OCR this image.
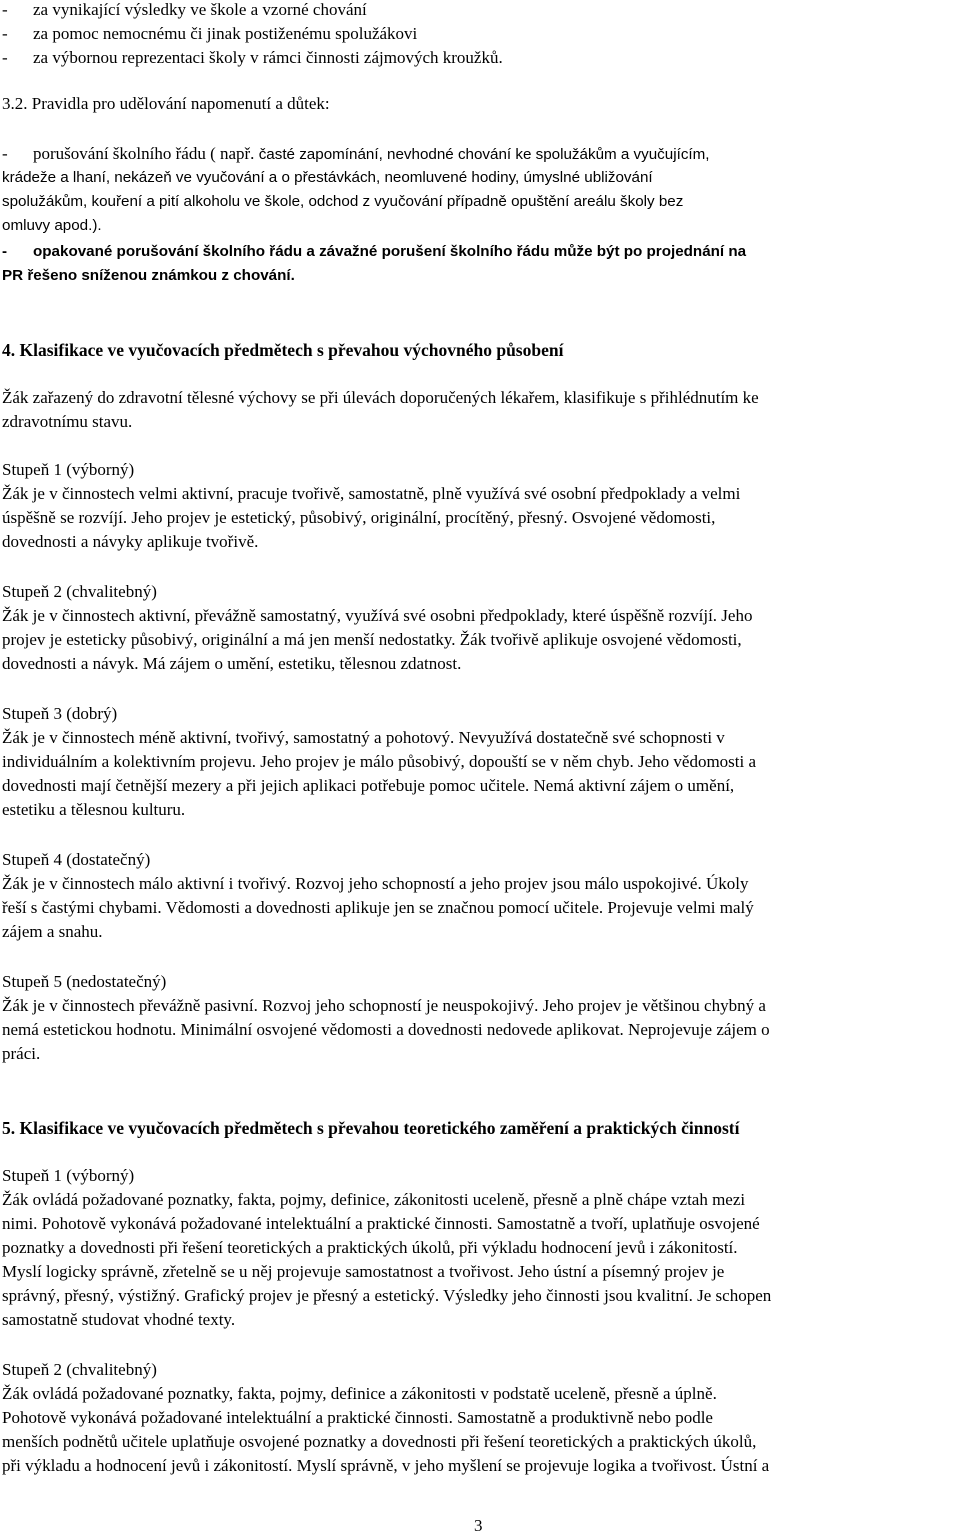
- za vynikající výsledky ve škole a vzorné chování
- za pomoc nemocnému či jinak postiženému spolužákovi
- za výbornou reprezentaci školy v rámci činnosti zájmových kroužků.
3.2. Pravidla pro udělování napomenutí a důtek:
- porušování školního řádu ( např. časté zapomínání, nevhodné chování ke spolužákům a vyučujícím,
krádeže a lhaní, nekázeň ve vyučování a o přestávkách, neomluvené hodiny, úmyslné ubližování
spolužákům, kouření a pití alkoholu ve škole, odchod z vyučování případně opuštění areálu školy bez
omluvy apod.).
- opakované porušování školního řádu a závažné porušení školního řádu může být po projednání na
PR řešeno sníženou známkou z chování.
4. Klasifikace ve vyučovacích předmětech s převahou výchovného působení
Žák zařazený do zdravotní tělesné výchovy se při úlevách doporučených lékařem, klasifikuje s přihlédnutím ke
zdravotnímu stavu.
Stupeň 1 (výborný)
Žák je v činnostech velmi aktivní, pracuje tvořivě, samostatně, plně využívá své osobní předpoklady a velmi
úspěšně se rozvíjí. Jeho projev je estetický, působivý, originální, procítěný, přesný. Osvojené vědomosti,
dovednosti a návyky aplikuje tvořivě.
Stupeň 2 (chvalitebný)
Žák je v činnostech aktivní, převážně samostatný, využívá své osobni předpoklady, které úspěšně rozvíjí. Jeho
projev je esteticky působivý, originální a má jen menší nedostatky. Žák tvořivě aplikuje osvojené vědomosti,
dovednosti a návyk. Má zájem o umění, estetiku, tělesnou zdatnost.
Stupeň 3 (dobrý)
Žák je v činnostech méně aktivní, tvořivý, samostatný a pohotový. Nevyužívá dostatečně své schopnosti v
individuálním a kolektivním projevu. Jeho projev je málo působivý, dopouští se v něm chyb. Jeho vědomosti a
dovednosti mají četnější mezery a při jejich aplikaci potřebuje pomoc učitele. Nemá aktivní zájem o umění,
estetiku a tělesnou kulturu.
Stupeň 4 (dostatečný)
Žák je v činnostech málo aktivní i tvořivý. Rozvoj jeho schopností a jeho projev jsou málo uspokojivé. Úkoly
řeší s častými chybami. Vědomosti a dovednosti aplikuje jen se značnou pomocí učitele. Projevuje velmi malý
zájem a snahu.
Stupeň 5 (nedostatečný)
Žák je v činnostech převážně pasivní. Rozvoj jeho schopností je neuspokojivý. Jeho projev je většinou chybný a
nemá estetickou hodnotu. Minimální osvojené vědomosti a dovednosti nedovede aplikovat. Neprojevuje zájem o
práci.
5. Klasifikace ve vyučovacích předmětech s převahou teoretického zaměření a praktických činností
Stupeň 1 (výborný)
Žák ovládá požadované poznatky, fakta, pojmy, definice, zákonitosti uceleně, přesně a plně chápe vztah mezi
nimi. Pohotově vykonává požadované intelektuální a praktické činnosti. Samostatně a tvoří, uplatňuje osvojené
poznatky a dovednosti při řešení teoretických a praktických úkolů, při výkladu hodnocení jevů i zákonitostí.
Myslí logicky správně, zřetelně se u něj projevuje samostatnost a tvořivost. Jeho ústní a písemný projev je
správný, přesný, výstižný. Grafický projev je přesný a estetický. Výsledky jeho činnosti jsou kvalitní. Je schopen
samostatně studovat vhodné texty.
Stupeň 2 (chvalitebný)
Žák ovládá požadované poznatky, fakta, pojmy, definice a zákonitosti v podstatě uceleně, přesně a úplně.
Pohotově vykonává požadované intelektuální a praktické činnosti. Samostatně a produktivně nebo podle
menších podnětů učitele uplatňuje osvojené poznatky a dovednosti při řešení teoretických a praktických úkolů,
při výkladu a hodnocení jevů i zákonitostí. Myslí správně, v jeho myšlení se projevuje logika a tvořivost. Ústní a
3
